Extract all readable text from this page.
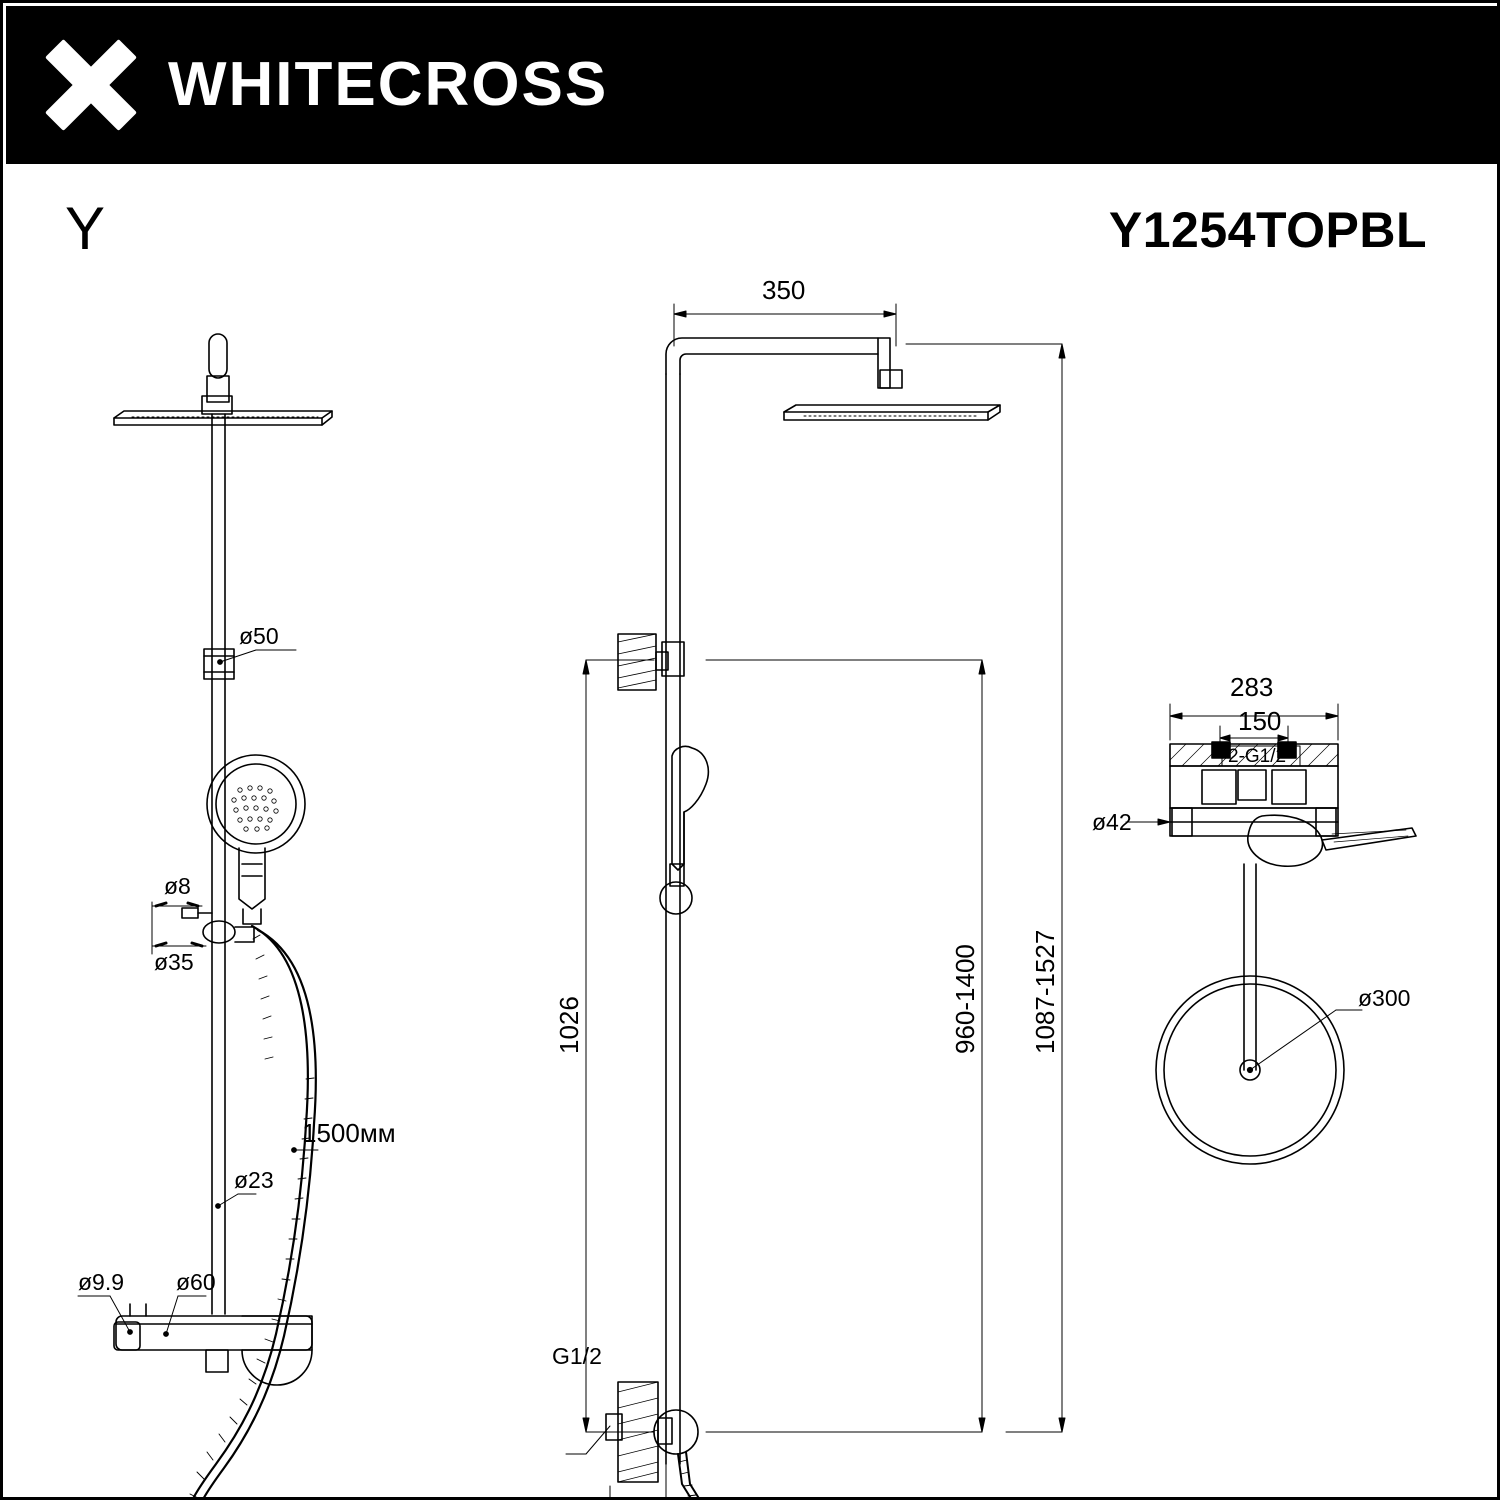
WHITECROSS
Y	Y1254TOPBL
ø50
ø8
ø35
1500мм
ø23
ø9.9 ø60
350
1026	960-1400 1087-1527
G1/2
283
150
2-G1/2
ø42
ø300
